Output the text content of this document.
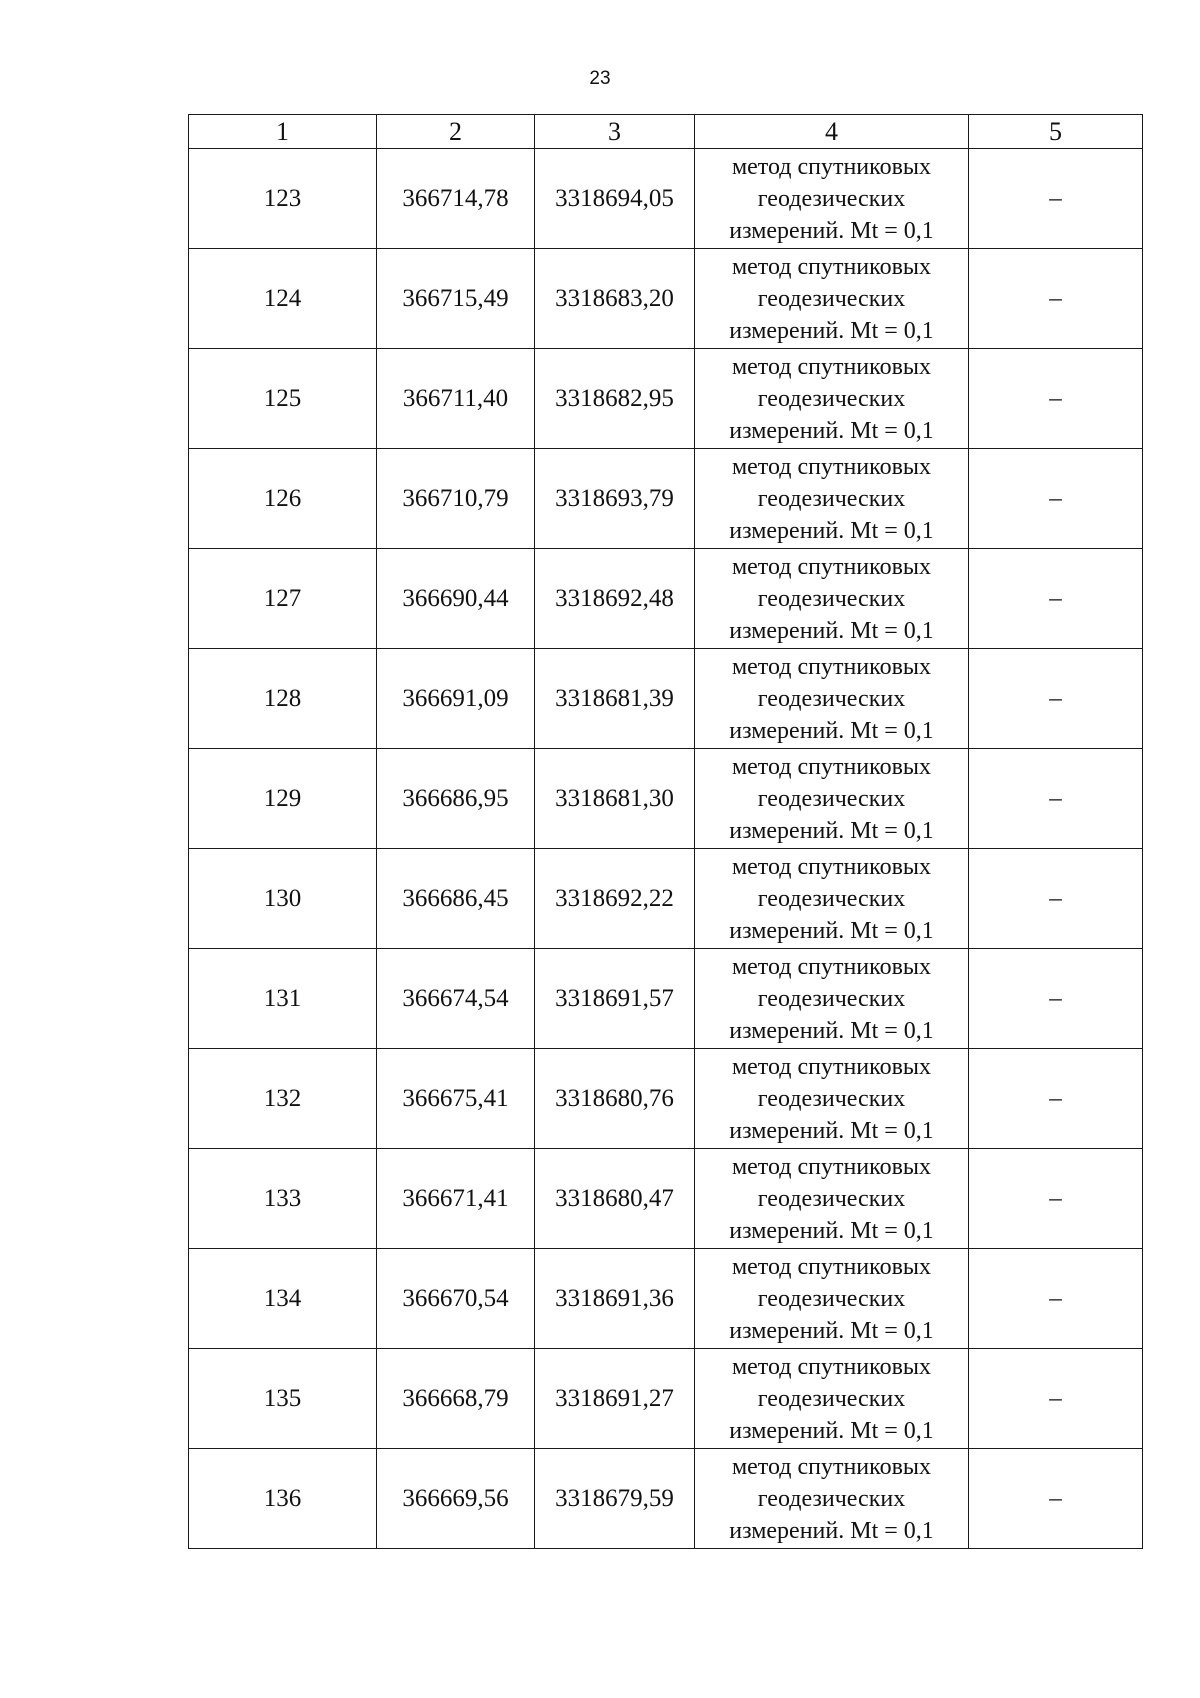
23
1	2	3	4	5
123	366714,78	3318694,05	метод спутниковых
геодезических
измерений. Mt = 0,1	–
124	366715,49	3318683,20	метод спутниковых
геодезических
измерений. Mt = 0,1	–
125	366711,40	3318682,95	метод спутниковых
геодезических
измерений. Mt = 0,1	–
126	366710,79	3318693,79	метод спутниковых
геодезических
измерений. Mt = 0,1	–
127	366690,44	3318692,48	метод спутниковых
геодезических
измерений. Mt = 0,1	–
128	366691,09	3318681,39	метод спутниковых
геодезических
измерений. Mt = 0,1	–
129	366686,95	3318681,30	метод спутниковых
геодезических
измерений. Mt = 0,1	–
130	366686,45	3318692,22	метод спутниковых
геодезических
измерений. Mt = 0,1	–
131	366674,54	3318691,57	метод спутниковых
геодезических
измерений. Mt = 0,1	–
132	366675,41	3318680,76	метод спутниковых
геодезических
измерений. Mt = 0,1	–
133	366671,41	3318680,47	метод спутниковых
геодезических
измерений. Mt = 0,1	–
134	366670,54	3318691,36	метод спутниковых
геодезических
измерений. Mt = 0,1	–
135	366668,79	3318691,27	метод спутниковых
геодезических
измерений. Mt = 0,1	–
136	366669,56	3318679,59	метод спутниковых
геодезических
измерений. Mt = 0,1	–
